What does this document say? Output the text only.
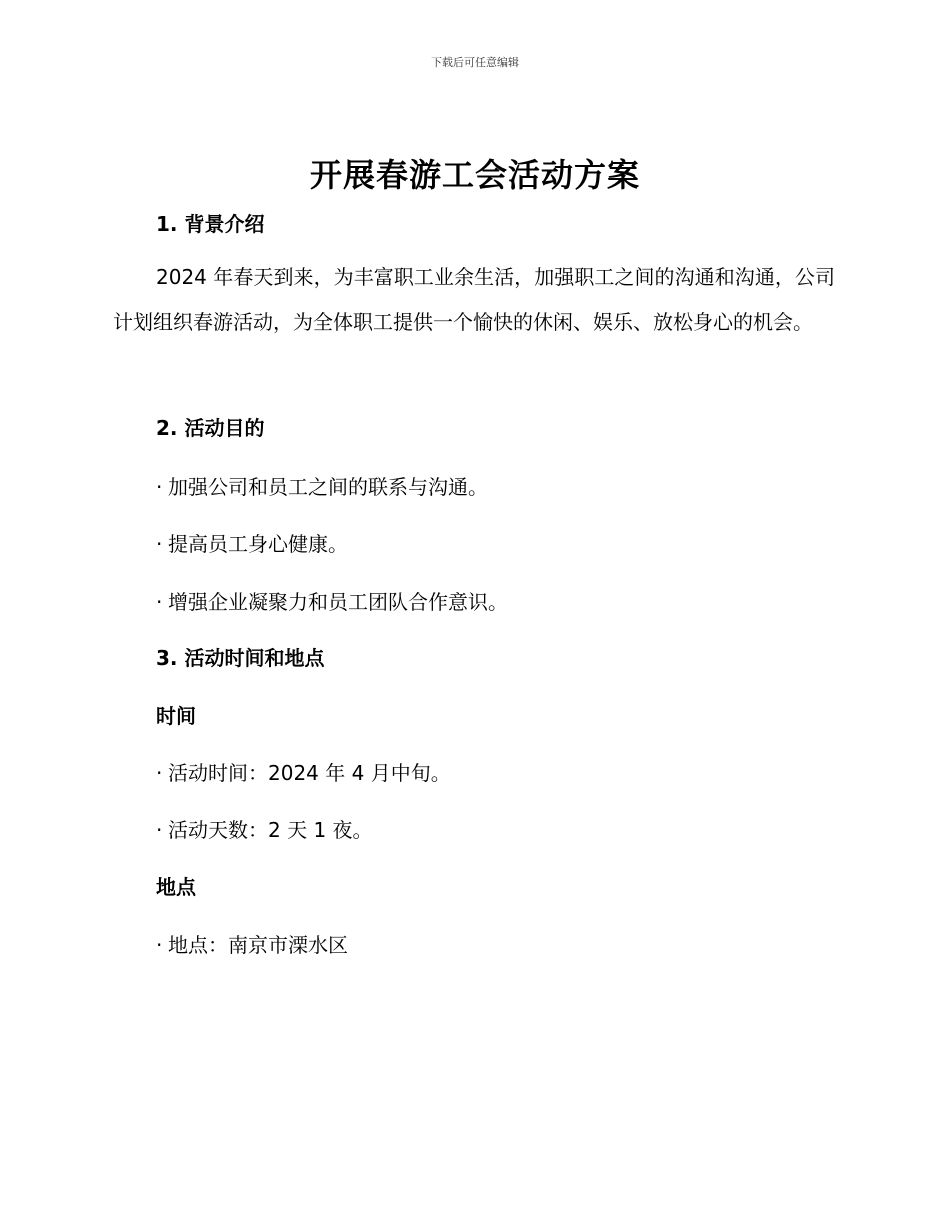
下载后可任意编辑
开展春游工会活动方案
1. 背景介绍

2024 年春天到来，为丰富职工业余生活，加强职工之间的沟通和沟通，公司计划组织春游活动，为全体职工提供一个愉快的休闲、娱乐、放松身心的机会。

2. 活动目的
· 加强公司和员工之间的联系与沟通。
· 提高员工身心健康。
· 增强企业凝聚力和员工团队合作意识。
3. 活动时间和地点
时间
· 活动时间：2024 年 4 月中旬。
· 活动天数：2 天 1 夜。
地点
· 地点：南京市溧水区
